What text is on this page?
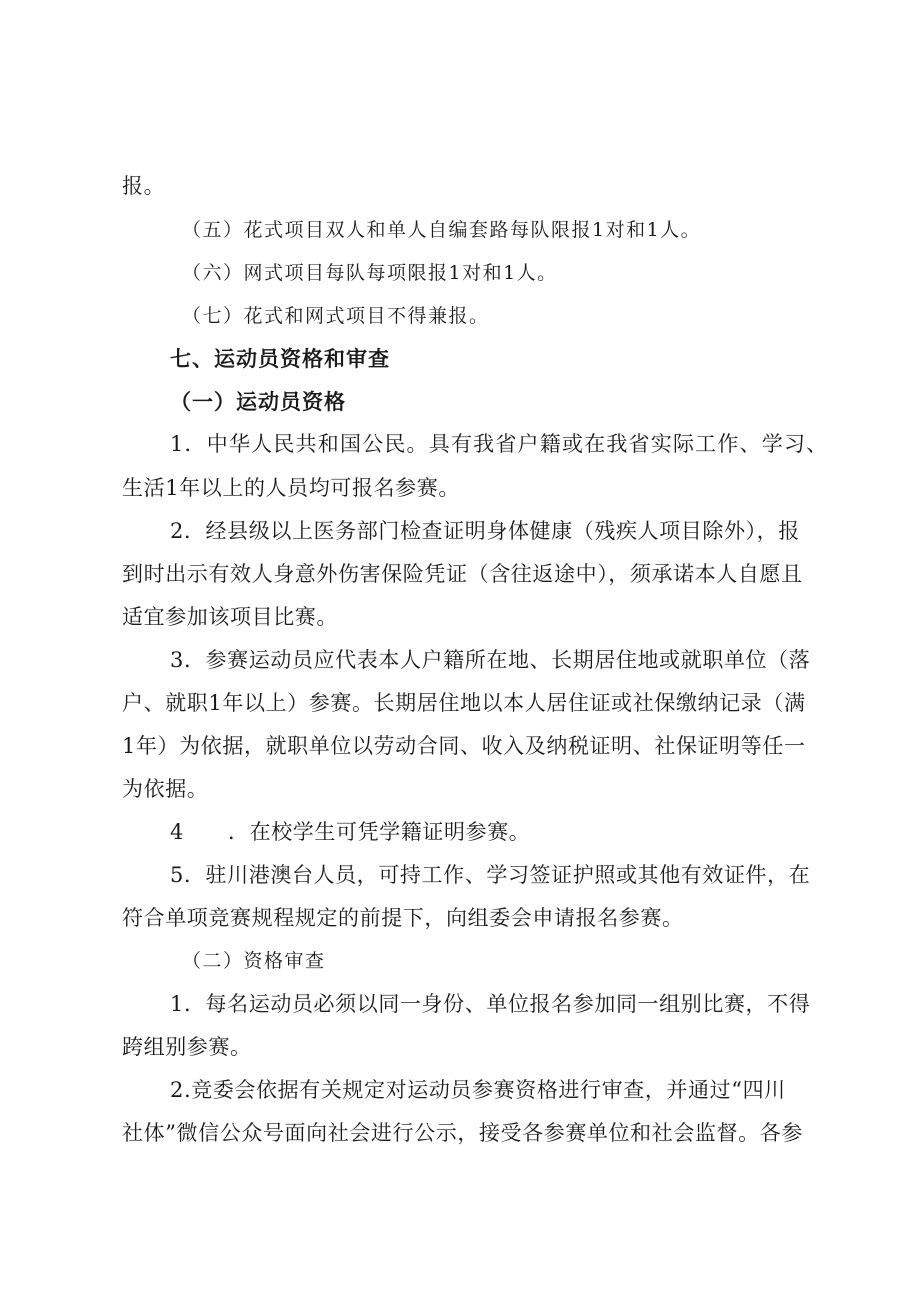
报。
（五）花式项目双人和单人自编套路每队限报1对和1人。
（六）网式项目每队每项限报1对和1人。
（七）花式和网式项目不得兼报。
七、运动员资格和审查
（一）运动员资格
1．中华人民共和国公民。具有我省户籍或在我省实际工作、学习、
生活1年以上的人员均可报名参赛。
2．经县级以上医务部门检查证明身体健康（残疾人项目除外），报
到时出示有效人身意外伤害保险凭证（含往返途中），须承诺本人自愿且
适宜参加该项目比赛。
3．参赛运动员应代表本人户籍所在地、长期居住地或就职单位（落
户、就职1年以上）参赛。长期居住地以本人居住证或社保缴纳记录（满
1年）为依据，就职单位以劳动合同、收入及纳税证明、社保证明等任一
为依据。
4 ．在校学生可凭学籍证明参赛。
5．驻川港澳台人员，可持工作、学习签证护照或其他有效证件，在
符合单项竞赛规程规定的前提下，向组委会申请报名参赛。
（二）资格审查
1．每名运动员必须以同一身份、单位报名参加同一组别比赛，不得
跨组别参赛。
2.竞委会依据有关规定对运动员参赛资格进行审查，并通过“四川
社体”微信公众号面向社会进行公示，接受各参赛单位和社会监督。各参
